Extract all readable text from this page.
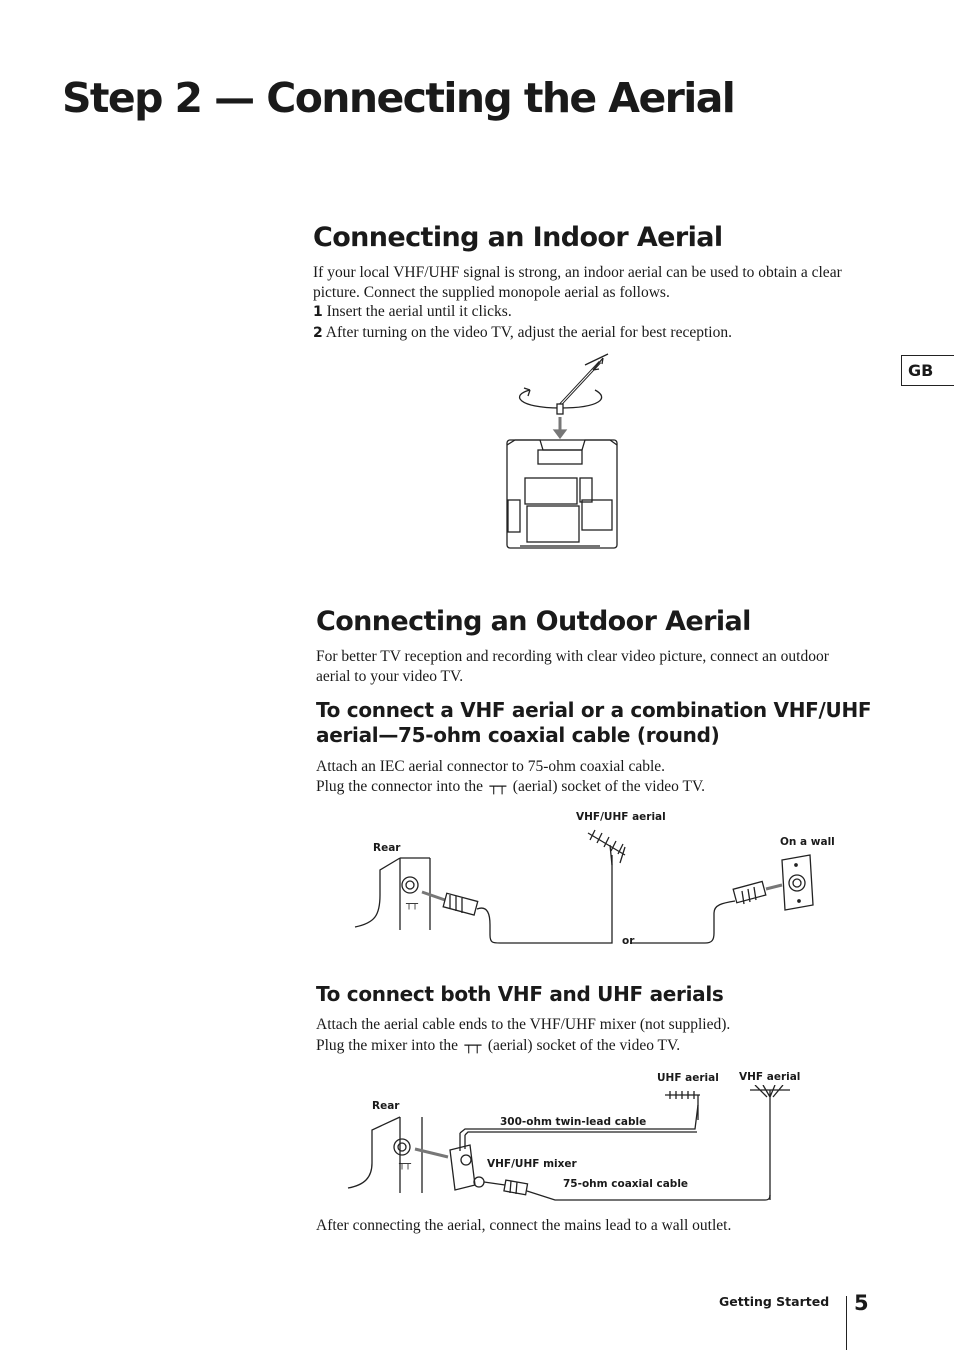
Step 2 — Connecting the Aerial
GB
Connecting an Indoor Aerial

If your local VHF/UHF signal is strong, an indoor aerial can be used to obtain a clear picture. Connect the supplied monopole aerial as follows.

1 Insert the aerial until it clicks.
2 After turning on the video TV, adjust the aerial for best reception.
Connecting an Outdoor Aerial

For better TV reception and recording with clear video picture, connect an outdoor aerial to your video TV.

To connect a VHF aerial or a combination VHF/UHF aerial—75-ohm coaxial cable (round)

Attach an IEC aerial connector to 75-ohm coaxial cable.

Plug the connector into the ┬┬ (aerial) socket of the video TV.
VHF/UHF aerial
Rear	On a wall
or
┬┬
To connect both VHF and UHF aerials

Attach the aerial cable ends to the VHF/UHF mixer (not supplied).

Plug the mixer into the ┬┬ (aerial) socket of the video TV.
UHF aerial VHF aerial
Rear
300-ohm twin-lead cable
VHF/UHF mixer
75-ohm coaxial cable
┬┬

After connecting the aerial, connect the mains lead to a wall outlet.

Getting Started 5
